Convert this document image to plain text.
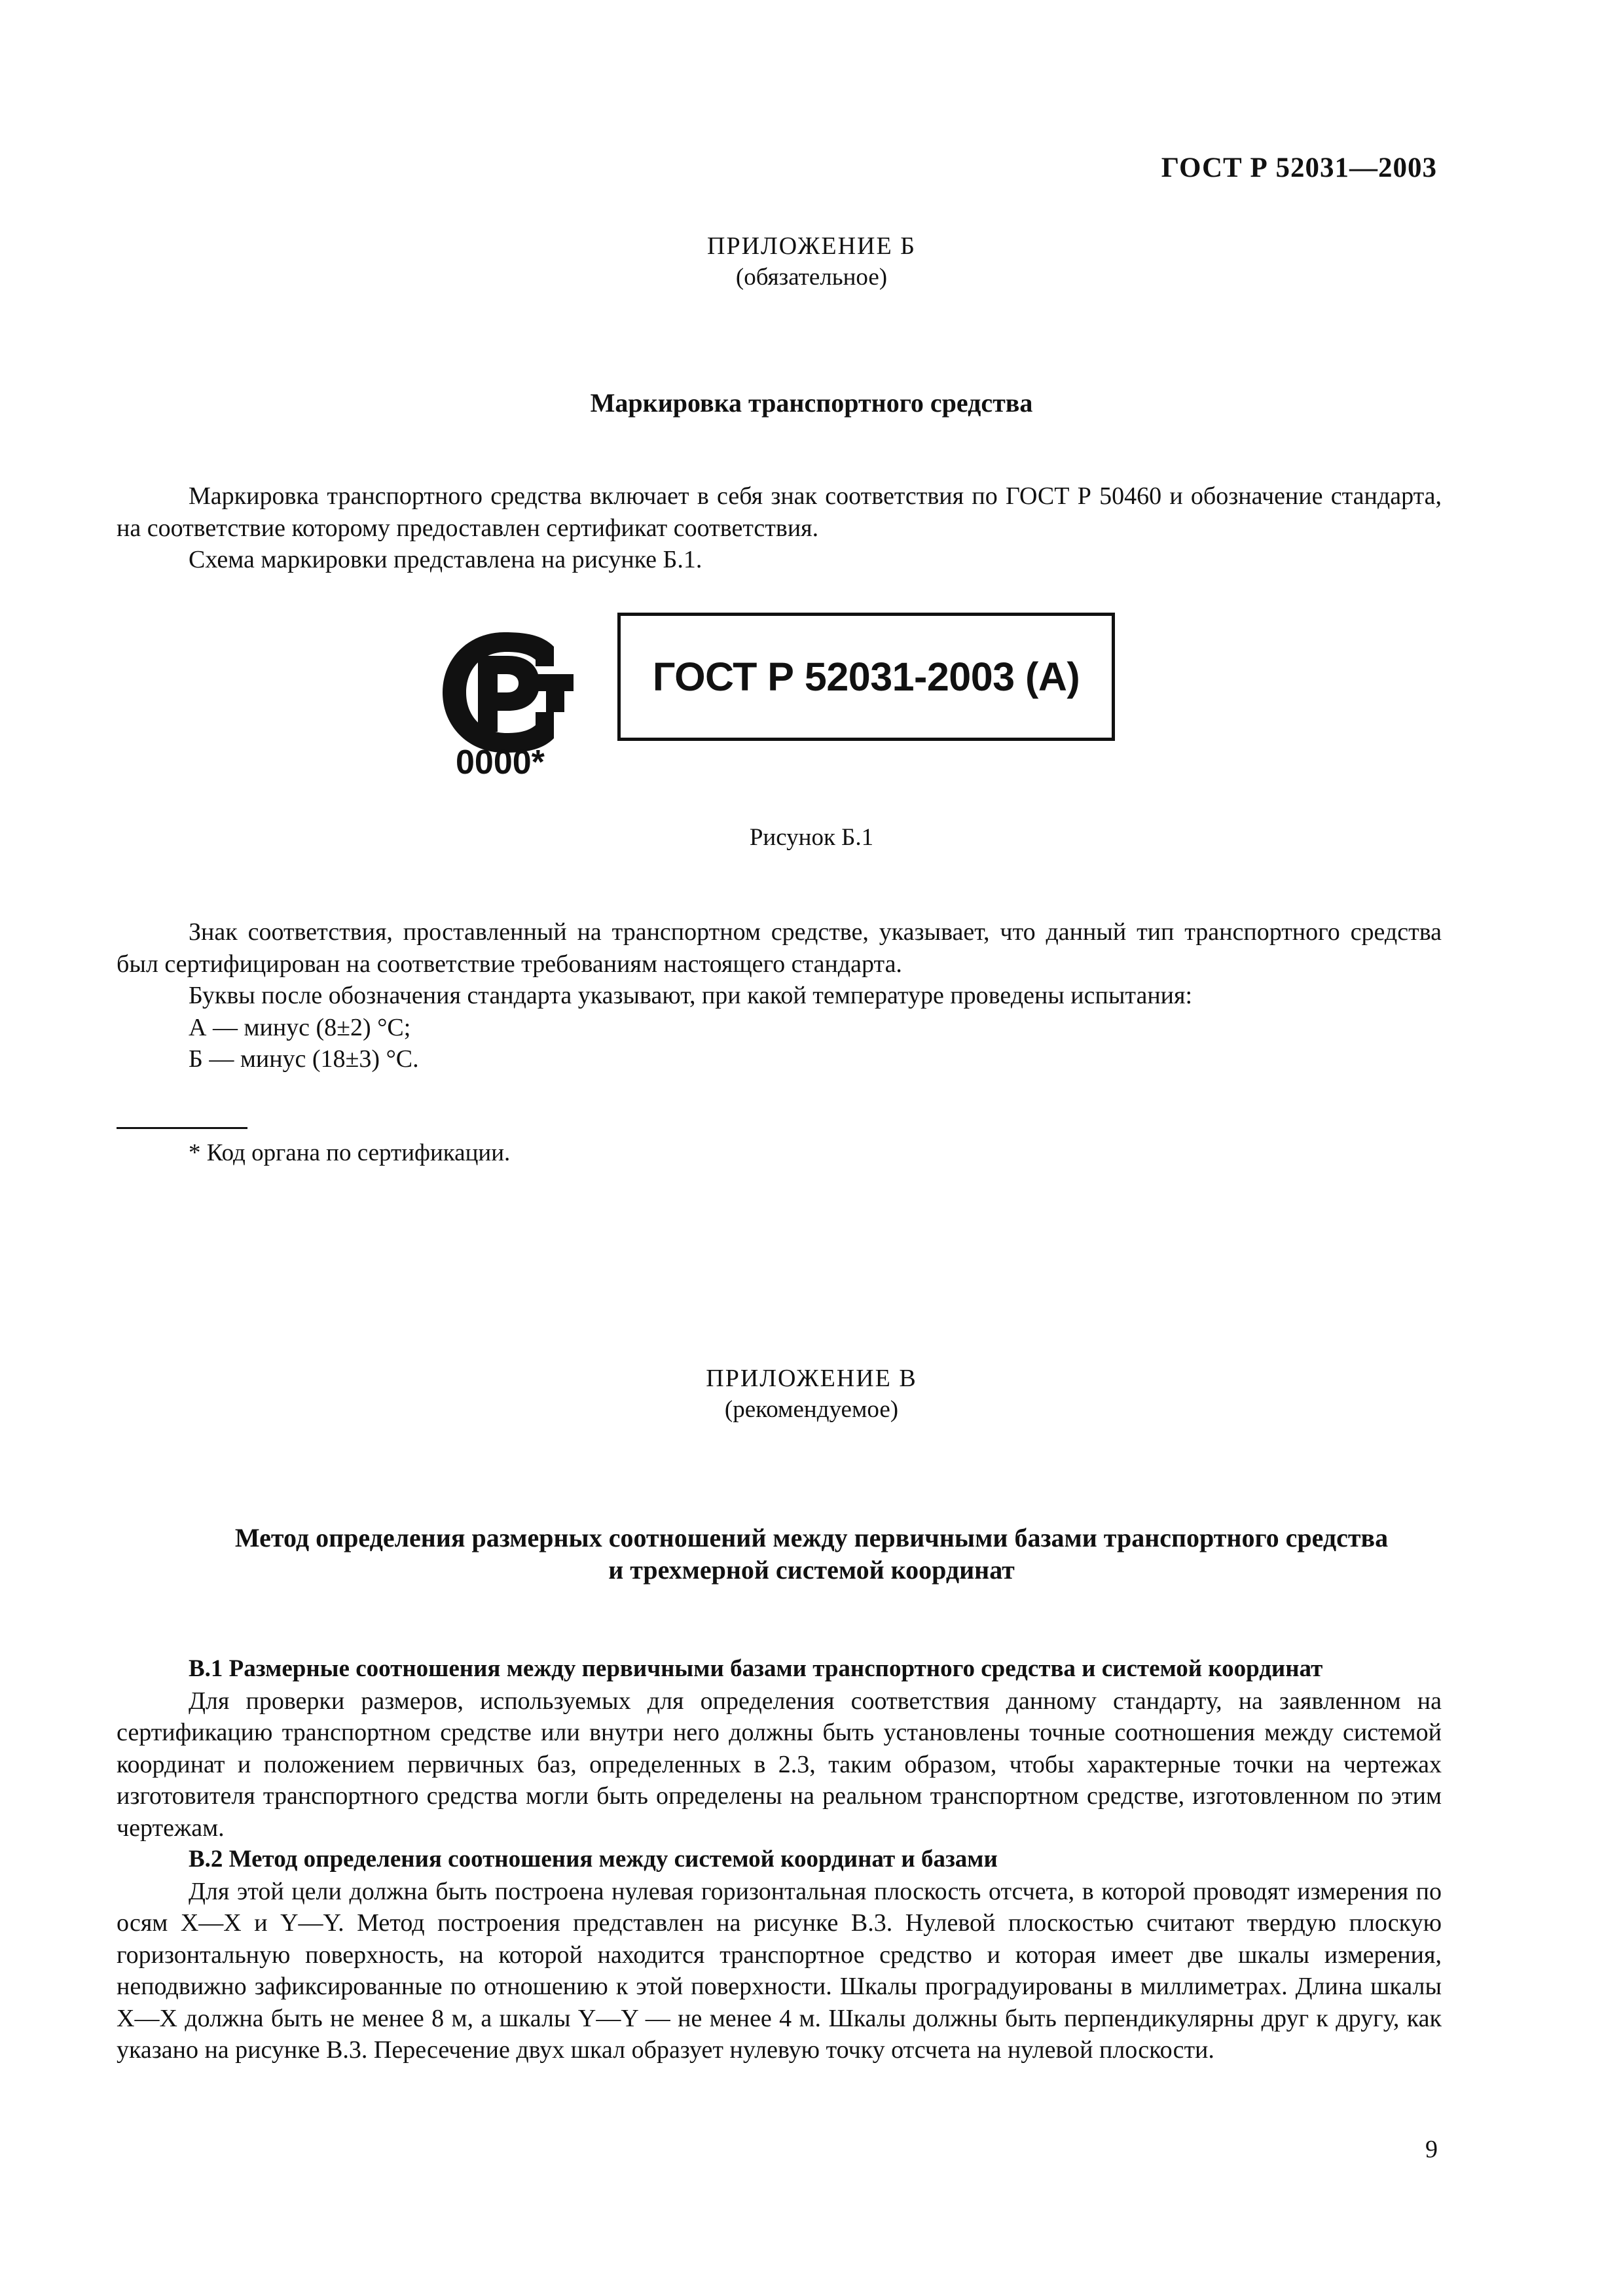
ГОСТ Р 52031—2003
ПРИЛОЖЕНИЕ Б
(обязательное)
Маркировка транспортного средства

Маркировка транспортного средства включает в себя знак соответствия по ГОСТ Р 50460 и обозначение стандарта, на соответствие которому предоставлен сертификат соответствия.

Схема маркировки представлена на рисунке Б.1.

0000*
ГОСТ Р 52031-2003 (А)
Рисунок Б.1

Знак соответствия, проставленный на транспортном средстве, указывает, что данный тип транспортного средства был сертифицирован на соответствие требованиям настоящего стандарта.

Буквы после обозначения стандарта указывают, при какой температуре проведены испытания:

А — минус (8±2) °С;

Б — минус (18±3) °С.

* Код органа по сертификации.
ПРИЛОЖЕНИЕ В
(рекомендуемое)
Метод определения размерных соотношений между первичными базами транспортного средства
и трехмерной системой координат

В.1 Размерные соотношения между первичными базами транспортного средства и системой координат

Для проверки размеров, используемых для определения соответствия данному стандарту, на заявленном на сертификацию транспортном средстве или внутри него должны быть установлены точные соотношения между системой координат и положением первичных баз, определенных в 2.3, таким образом, чтобы характерные точки на чертежах изготовителя транспортного средства могли быть определены на реальном транспортном средстве, изготовленном по этим чертежам.

В.2 Метод определения соотношения между системой координат и базами

Для этой цели должна быть построена нулевая горизонтальная плоскость отсчета, в которой проводят измерения по осям X—X и Y—Y. Метод построения представлен на рисунке В.3. Нулевой плоскостью считают твердую плоскую горизонтальную поверхность, на которой находится транспортное средство и которая имеет две шкалы измерения, неподвижно зафиксированные по отношению к этой поверхности. Шкалы проградуированы в миллиметрах. Длина шкалы X—X должна быть не менее 8 м, а шкалы Y—Y — не менее 4 м. Шкалы должны быть перпендикулярны друг к другу, как указано на рисунке В.3. Пересечение двух шкал образует нулевую точку отсчета на нулевой плоскости.

9
